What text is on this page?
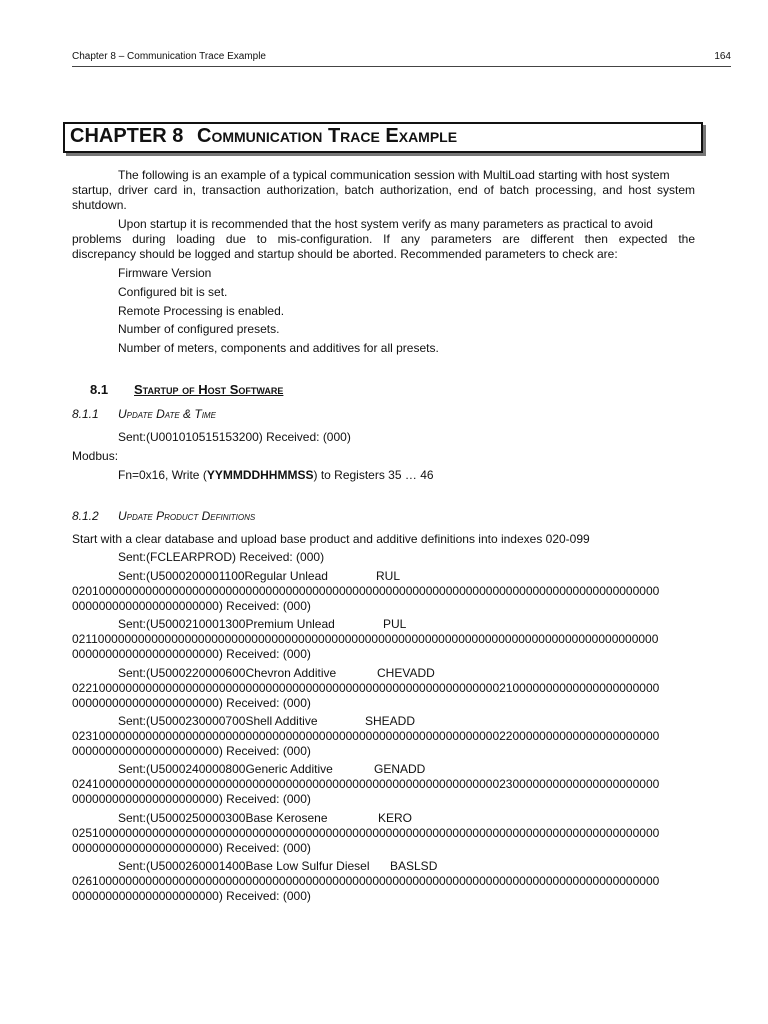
Chapter 8 – Communication Trace Example	164
CHAPTER 8 Communication Trace Example
The following is an example of a typical communication session with MultiLoad starting with host system
startup, driver card in, transaction authorization, batch authorization, end of batch processing, and host system
shutdown.
Upon startup it is recommended that the host system verify as many parameters as practical to avoid
problems during loading due to mis-configuration. If any parameters are different then expected the
discrepancy should be logged and startup should be aborted. Recommended parameters to check are:
Firmware Version
Configured bit is set.
Remote Processing is enabled.
Number of configured presets.
Number of meters, components and additives for all presets.
8.1 Startup of Host Software
8.1.1 Update Date & Time
Sent:(U001010515153200) Received: (000)
Modbus:
Fn=0x16, Write (YYMMDDHHMMSS) to Registers 35 … 46
8.1.2 Update Product Definitions
Start with a clear database and upload base product and additive definitions into indexes 020-099
Sent:(FCLEARPROD) Received: (000)
Sent:(U5000200001100Regular Unlead	RUL
0201000000000000000000000000000000000000000000000000000000000000000000000000000000000000
0000000000000000000000) Received: (000)
Sent:(U5000210001300Premium Unlead	PUL
0211000000000000000000000000000000000000000000000000000000000000000000000000000000000000
0000000000000000000000) Received: (000)
Sent:(U5000220000600Chevron Additive	CHEVADD
0221000000000000000000000000000000000000000000000000000000000000210000000000000000000000
0000000000000000000000) Received: (000)
Sent:(U5000230000700Shell Additive	SHEADD
0231000000000000000000000000000000000000000000000000000000000000220000000000000000000000
0000000000000000000000) Received: (000)
Sent:(U5000240000800Generic Additive	GENADD
0241000000000000000000000000000000000000000000000000000000000000230000000000000000000000
0000000000000000000000) Received: (000)
Sent:(U5000250000300Base Kerosene	KERO
0251000000000000000000000000000000000000000000000000000000000000000000000000000000000000
0000000000000000000000) Received: (000)
Sent:(U5000260001400Base Low Sulfur Diesel BASLSD
0261000000000000000000000000000000000000000000000000000000000000000000000000000000000000
0000000000000000000000) Received: (000)
